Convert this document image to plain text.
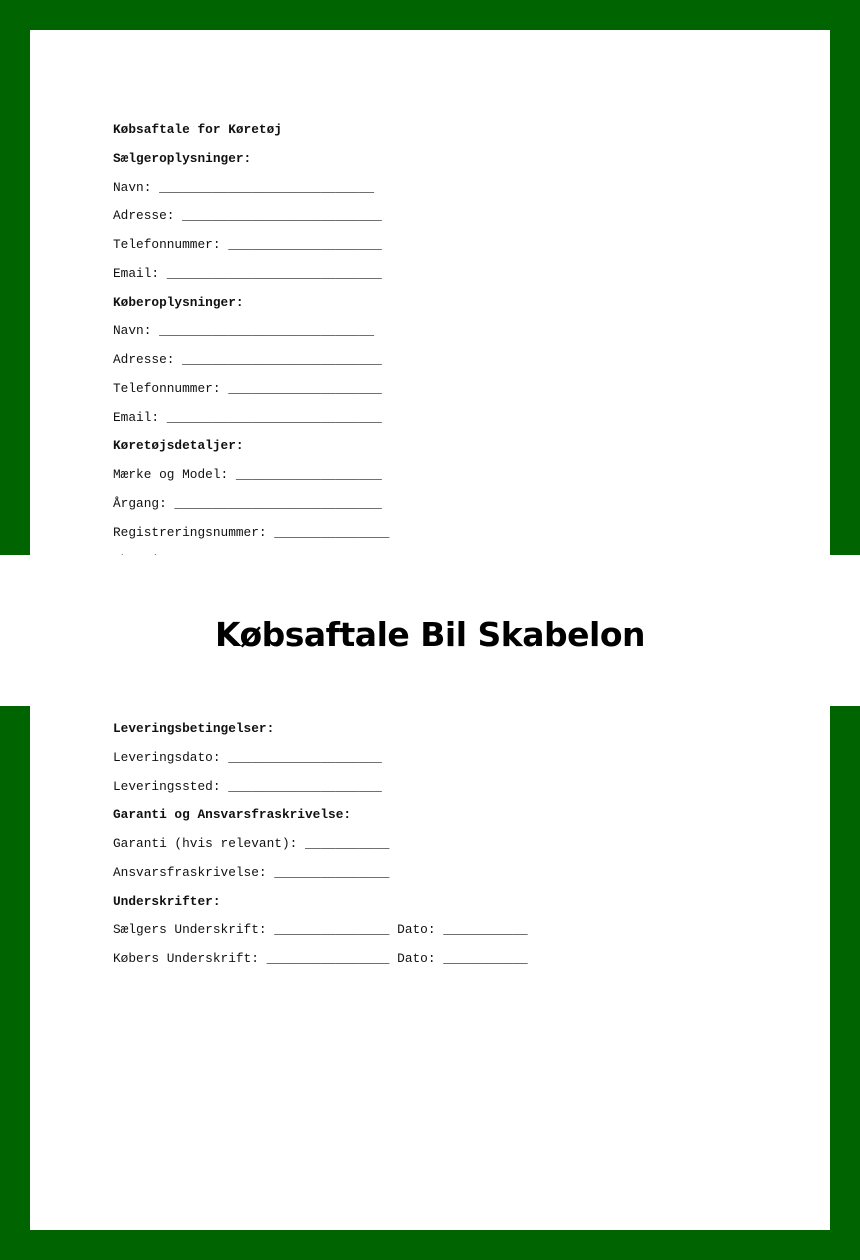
Købsaftale for Køretøj
Sælgeroplysninger:
Navn: ____________________________
Adresse: __________________________
Telefonnummer: ____________________
Email: ____________________________
Køberoplysninger:
Navn: ____________________________
Adresse: __________________________
Telefonnummer: ____________________
Email: ____________________________
Køretøjsdetaljer:
Mærke og Model: ___________________
Årgang: ___________________________
Registreringsnummer: _______________
Leveringsbetingelser:
Leveringsdato: ____________________
Leveringssted: ____________________
Garanti og Ansvarsfraskrivelse:
Garanti (hvis relevant): ___________
Ansvarsfraskrivelse: _______________
Underskrifter:
Sælgers Underskrift: _______________ Dato: ___________
Købers Underskrift: ________________ Dato: ___________
Købsaftale Bil Skabelon
